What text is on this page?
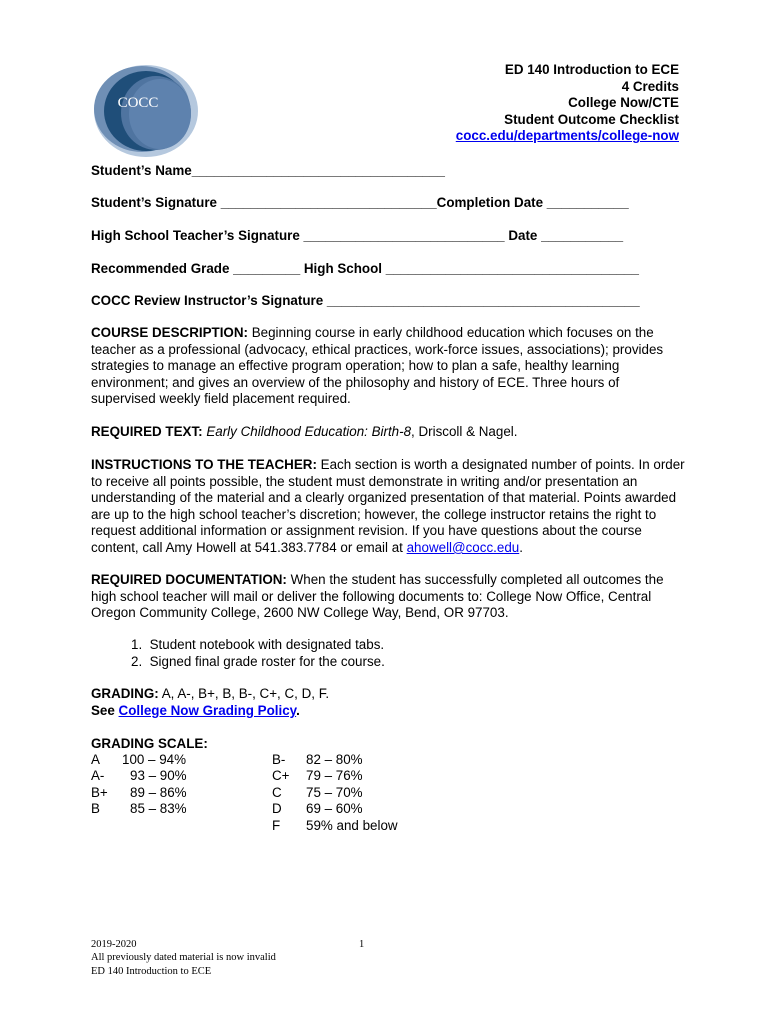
COCC
ED 140 Introduction to ECE
4 Credits
College Now/CTE
Student Outcome Checklist
cocc.edu/departments/college-now
Student’s Name__________________________________
Student’s Signature _____________________________Completion Date ___________
High School Teacher’s Signature ___________________________ Date ___________
Recommended Grade _________ High School __________________________________
COCC Review Instructor’s Signature __________________________________________
COURSE DESCRIPTION: Beginning course in early childhood education which focuses on the teacher as a professional (advocacy, ethical practices, work-force issues, associations); provides strategies to manage an effective program operation; how to plan a safe, healthy learning environment; and gives an overview of the philosophy and history of ECE. Three hours of supervised weekly field placement required.
REQUIRED TEXT: Early Childhood Education: Birth-8, Driscoll & Nagel.
INSTRUCTIONS TO THE TEACHER: Each section is worth a designated number of points. In order to receive all points possible, the student must demonstrate in writing and/or presentation an understanding of the material and a clearly organized presentation of that material. Points awarded are up to the high school teacher’s discretion; however, the college instructor retains the right to request additional information or assignment revision. If you have questions about the course content, call Amy Howell at 541.383.7784 or email at ahowell@cocc.edu.
REQUIRED DOCUMENTATION: When the student has successfully completed all outcomes the high school teacher will mail or deliver the following documents to: College Now Office, Central Oregon Community College, 2600 NW College Way, Bend, OR 97703.
1.  Student notebook with designated tabs.
2.  Signed final grade roster for the course.
GRADING: A, A-, B+, B, B-, C+, C, D, F.
See College Now Grading Policy.
GRADING SCALE:
A 100 – 94%
A- 93 – 90%
B+ 89 – 86%
B 85 – 83%
B- 82 – 80%
C+ 79 – 76%
C 75 – 70%
D 69 – 60%
F 59% and below
2019-2020
All previously dated material is now invalid
ED 140 Introduction to ECE
1
